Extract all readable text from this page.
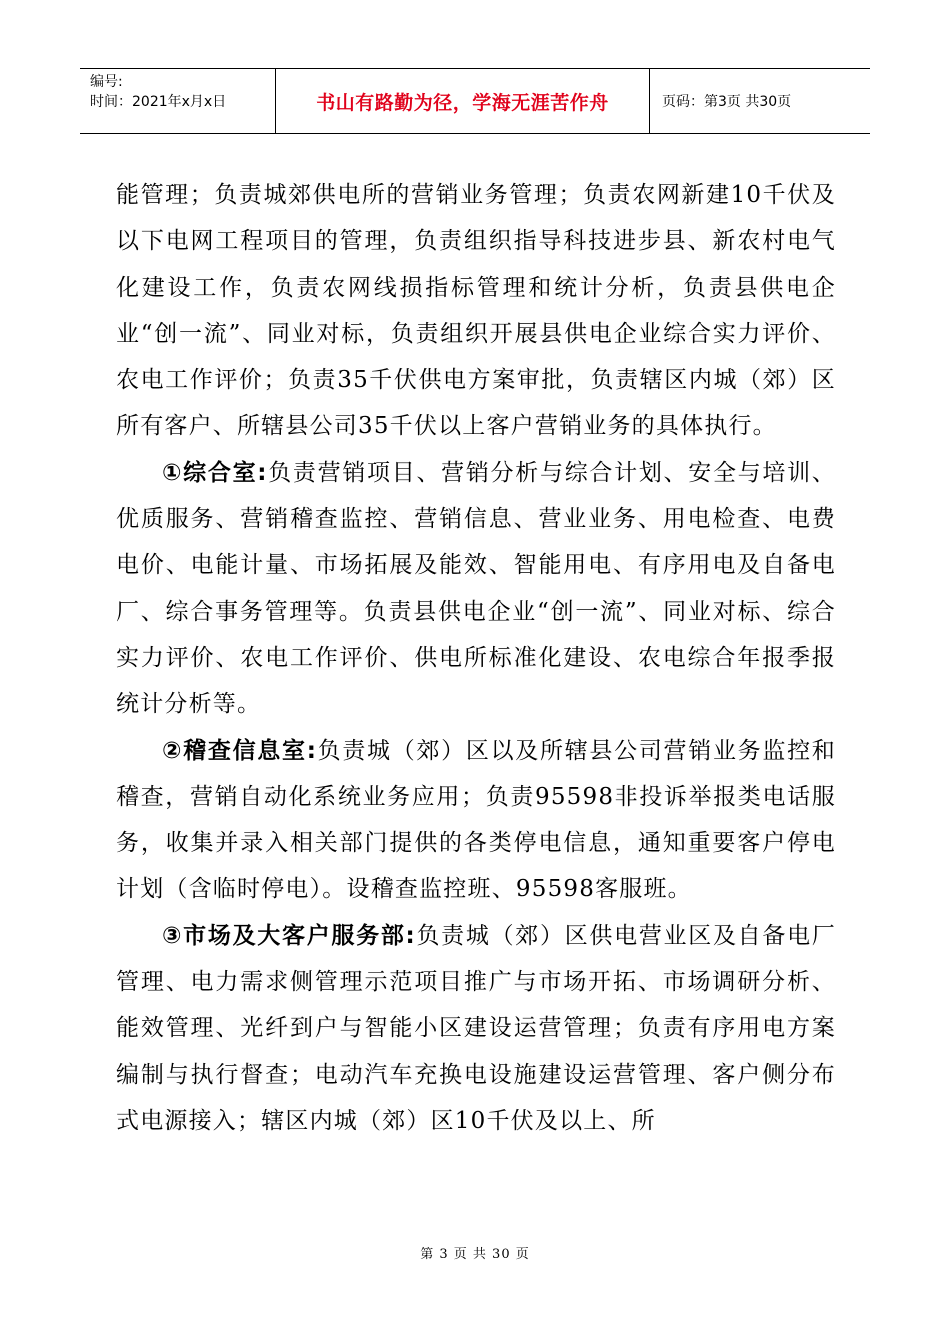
编号:
时间：2021年x月x日	书山有路勤为径，学海无涯苦作舟	页码：第3页 共30页

能管理；负责城郊供电所的营销业务管理；负责农网新建10千伏及以下电网工程项目的管理，负责组织指导科技进步县、新农村电气化建设工作，负责农网线损指标管理和统计分析，负责县供电企业“创一流”、同业对标，负责组织开展县供电企业综合实力评价、农电工作评价；负责35千伏供电方案审批，负责辖区内城（郊）区所有客户、所辖县公司35千伏以上客户营销业务的具体执行。

①综合室:负责营销项目、营销分析与综合计划、安全与培训、优质服务、营销稽查监控、营销信息、营业业务、用电检查、电费电价、电能计量、市场拓展及能效、智能用电、有序用电及自备电厂、综合事务管理等。负责县供电企业“创一流”、同业对标、综合实力评价、农电工作评价、供电所标准化建设、农电综合年报季报统计分析等。

②稽查信息室:负责城（郊）区以及所辖县公司营销业务监控和稽查，营销自动化系统业务应用；负责95598非投诉举报类电话服务，收集并录入相关部门提供的各类停电信息，通知重要客户停电计划（含临时停电）。设稽查监控班、95598客服班。

③市场及大客户服务部:负责城（郊）区供电营业区及自备电厂管理、电力需求侧管理示范项目推广与市场开拓、市场调研分析、能效管理、光纤到户与智能小区建设运营管理；负责有序用电方案编制与执行督查；电动汽车充换电设施建设运营管理、客户侧分布式电源接入；辖区内城（郊）区10千伏及以上、所

第 3 页 共 30 页
